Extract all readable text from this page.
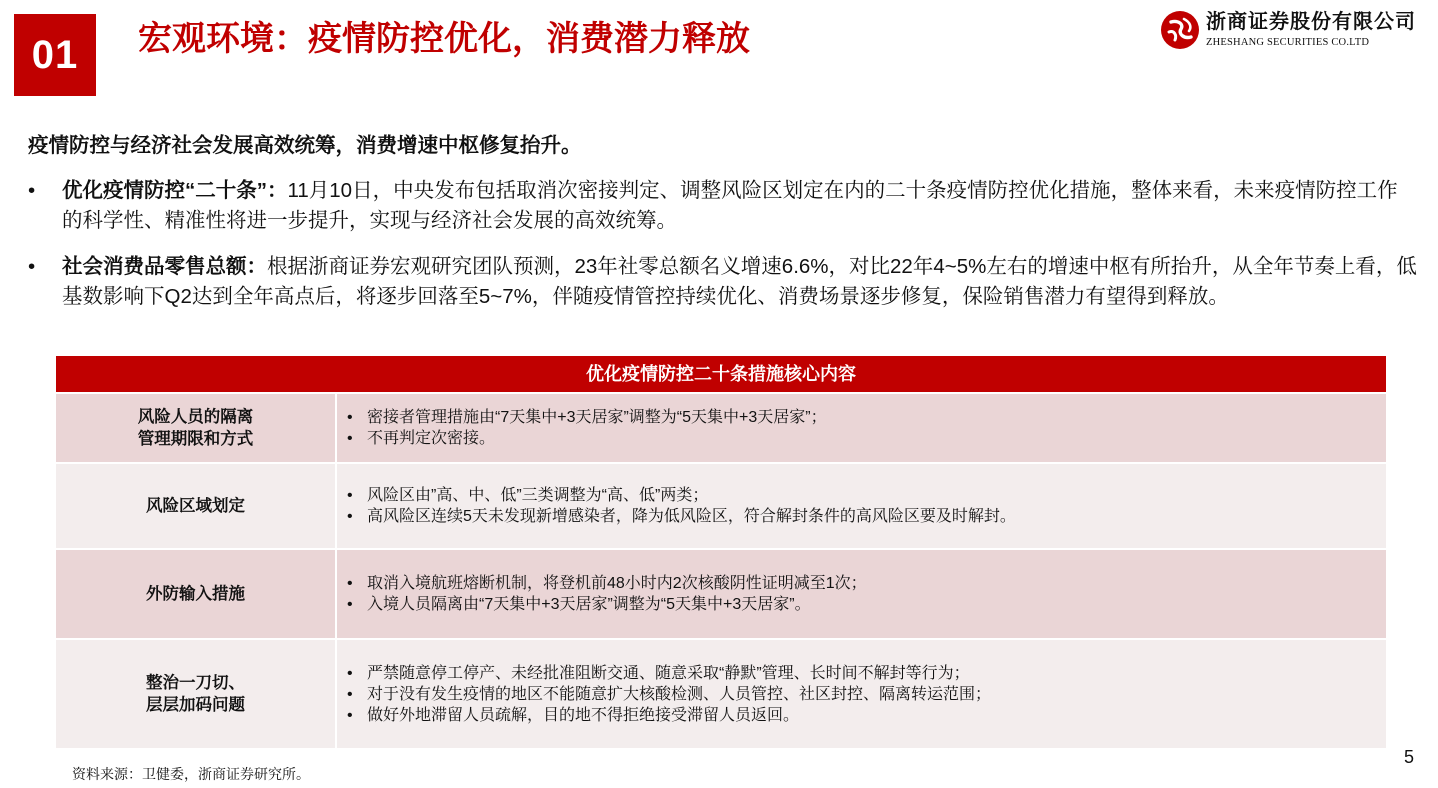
01	宏观环境：疫情防控优化，消费潜力释放	浙商证券股份有限公司
ZHESHANG SECURITIES CO.LTD
疫情防控与经济社会发展高效统筹，消费增速中枢修复抬升。
•	优化疫情防控“二十条”：11月10日，中央发布包括取消次密接判定、调整风险区划定在内的二十条疫情防控优化措施，整体来看，未来疫情防控工作的科学性、精准性将进一步提升，实现与经济社会发展的高效统筹。
•	社会消费品零售总额：根据浙商证券宏观研究团队预测，23年社零总额名义增速6.6%，对比22年4~5%左右的增速中枢有所抬升，从全年节奏上看，低基数影响下Q2达到全年高点后，将逐步回落至5~7%，伴随疫情管控持续优化、消费场景逐步修复，保险销售潜力有望得到释放。
优化疫情防控二十条措施核心内容
风险人员的隔离
管理期限和方式
• 密接者管理措施由“7天集中+3天居家”调整为“5天集中+3天居家”；
• 不再判定次密接。
风险区域划定
• 风险区由”高、中、低”三类调整为“高、低”两类；
• 高风险区连续5天未发现新增感染者，降为低风险区，符合解封条件的高风险区要及时解封。
外防输入措施
• 取消入境航班熔断机制，将登机前48小时内2次核酸阴性证明减至1次；
• 入境人员隔离由“7天集中+3天居家”调整为“5天集中+3天居家”。
整治一刀切、
层层加码问题
• 严禁随意停工停产、未经批准阻断交通、随意采取“静默”管理、长时间不解封等行为；
• 对于没有发生疫情的地区不能随意扩大核酸检测、人员管控、社区封控、隔离转运范围；
• 做好外地滞留人员疏解，目的地不得拒绝接受滞留人员返回。
资料来源：卫健委，浙商证券研究所。
5
